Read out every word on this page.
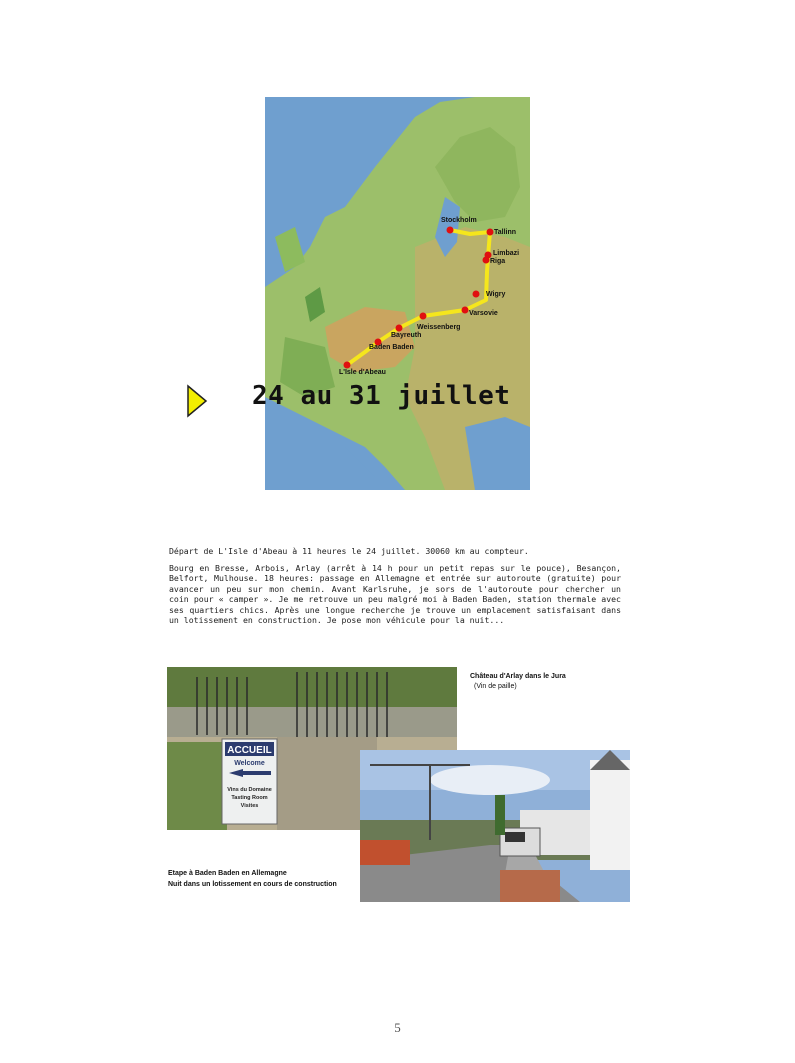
Stockholm
Tallinn
Limbazi
Riga
Wigry
Varsovie
Weissenberg
Bayreuth
Baden Baden
L'Isle d'Abeau
24 au 31 juillet

Départ de L'Isle d'Abeau à 11 heures le 24 juillet. 30060 km au compteur.

Bourg en Bresse, Arbois, Arlay (arrêt à 14 h pour un petit repas sur le pouce), Besançon, Belfort, Mulhouse. 18 heures: passage en Allemagne et entrée sur autoroute (gratuite) pour avancer un peu sur mon chemin. Avant Karlsruhe, je sors de l'autoroute pour chercher un coin pour « camper ». Je me retrouve un peu malgré moi à Baden Baden, station thermale avec ses quartiers chics. Après une longue recherche je trouve un emplacement satisfaisant dans un lotissement en construction. Je pose mon véhicule pour la nuit...

ACCUEIL
Welcome
Vins du Domaine
Tasting Room
Visites
Château d'Arlay dans le Jura
(Vin de paille)
Etape à Baden Baden en Allemagne
Nuit dans un lotissement en cours de construction
5
